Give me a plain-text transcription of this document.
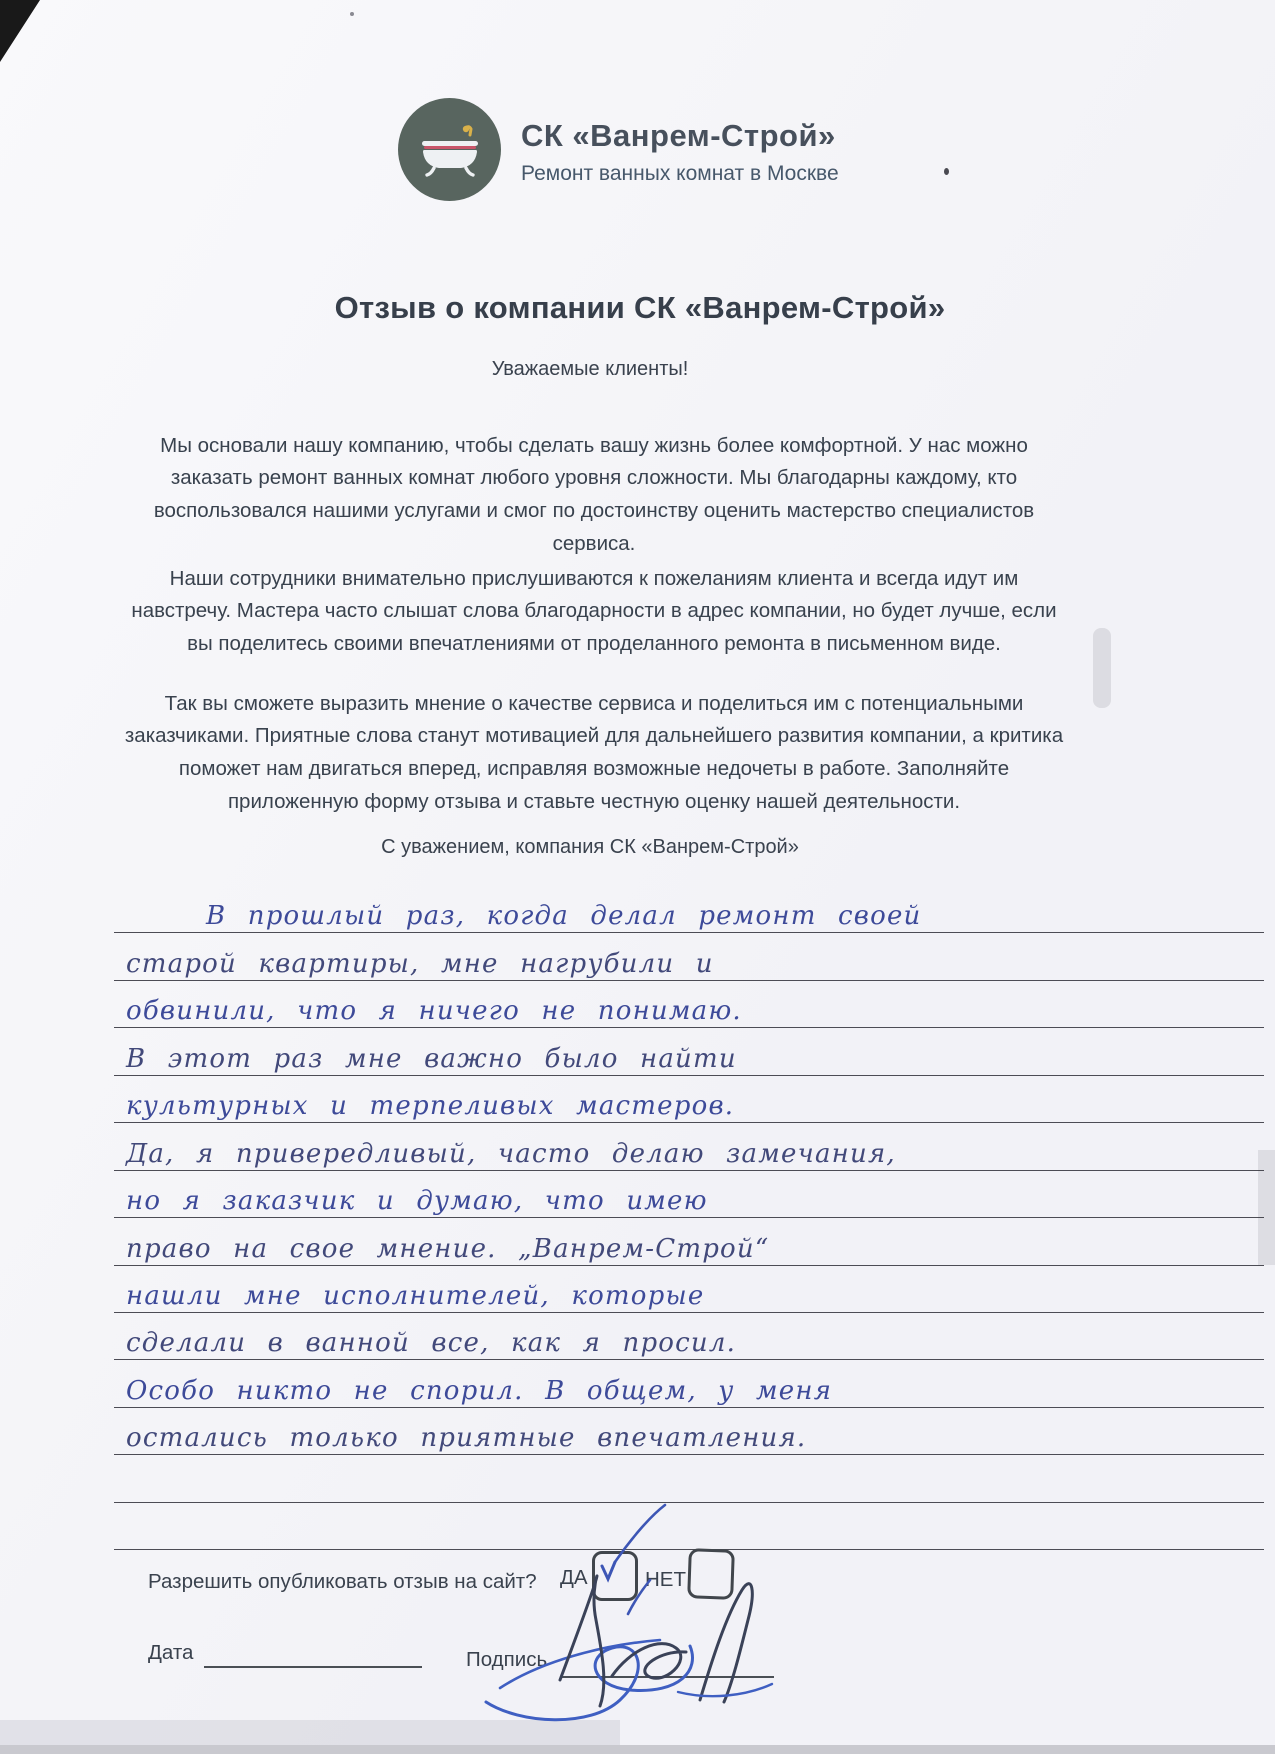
СК «Ванрем-Строй»
Ремонт ванных комнат в Москве
Отзыв о компании СК «Ванрем-Строй»
Уважаемые клиенты!

Мы основали нашу компанию, чтобы сделать вашу жизнь более комфортной. У нас можно заказать ремонт ванных комнат любого уровня сложности. Мы благодарны каждому, кто воспользовался нашими услугами и смог по достоинству оценить мастерство специалистов сервиса.

Наши сотрудники внимательно прислушиваются к пожеланиям клиента и всегда идут им навстречу. Мастера часто слышат слова благодарности в адрес компании, но будет лучше, если вы поделитесь своими впечатлениями от проделанного ремонта в письменном виде.

Так вы сможете выразить мнение о качестве сервиса и поделиться им с потенциальными заказчиками. Приятные слова станут мотивацией для дальнейшего развития компании, а критика поможет нам двигаться вперед, исправляя возможные недочеты в работе. Заполняйте приложенную форму отзыва и ставьте честную оценку нашей деятельности.

С уважением, компания СК «Ванрем-Строй»
В прошлый раз, когда делал ремонт своей
старой квартиры, мне нагрубили и
обвинили, что я ничего не понимаю.
В этот раз мне важно было найти
культурных и терпеливых мастеров.
Да, я привередливый, часто делаю замечания,
но я заказчик и думаю, что имею
право на свое мнение. „Ванрем-Строй“
нашли мне исполнителей, которые
сделали в ванной все, как я просил.
Особо никто не спорил. В общем, у меня
остались только приятные впечатления.
Разрешить опубликовать отзыв на сайт? ДА	НЕТ
Дата	Подпись
